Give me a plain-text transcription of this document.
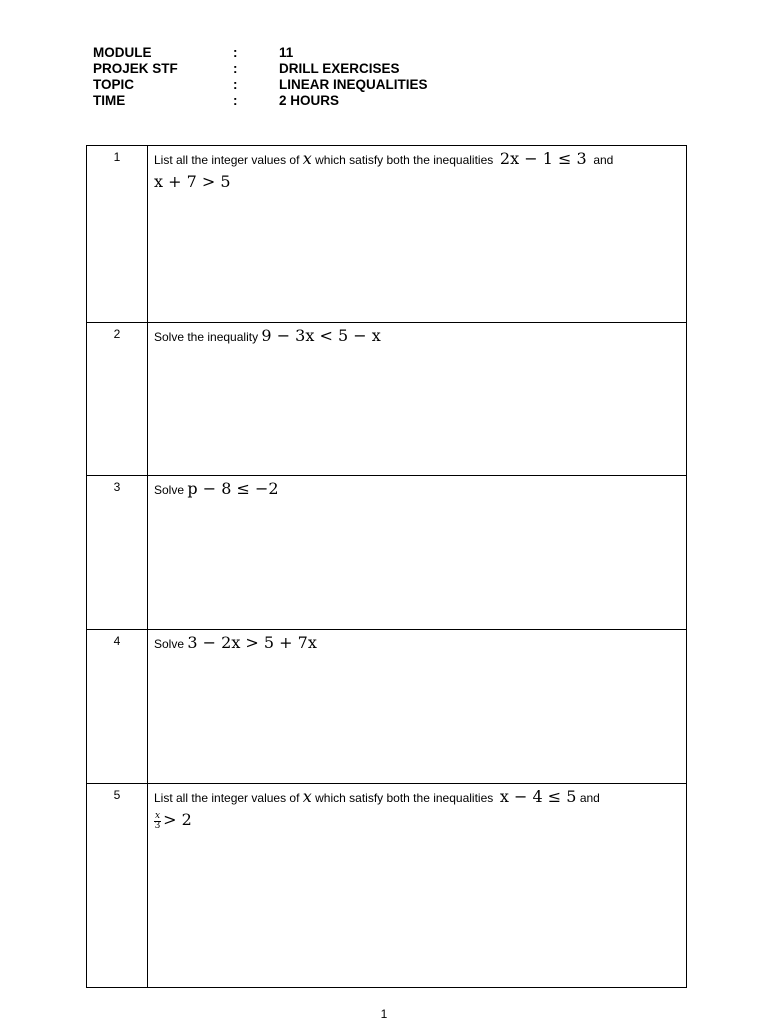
MODULE	:	11
PROJEK STF	:	DRILL EXERCISES
TOPIC	:	LINEAR INEQUALITIES
TIME	:	2 HOURS
1	List all the integer values of x which satisfy both the inequalities 2x − 1 ≤ 3 and
x + 7 > 5
2	Solve the inequality 9 − 3x < 5 − x
3	Solve p − 8 ≤ −2
4	Solve 3 − 2x > 5 + 7x
5	List all the integer values of x which satisfy both the inequalities x − 4 ≤ 5 and

$\frac{x}{3} > 2$
1
